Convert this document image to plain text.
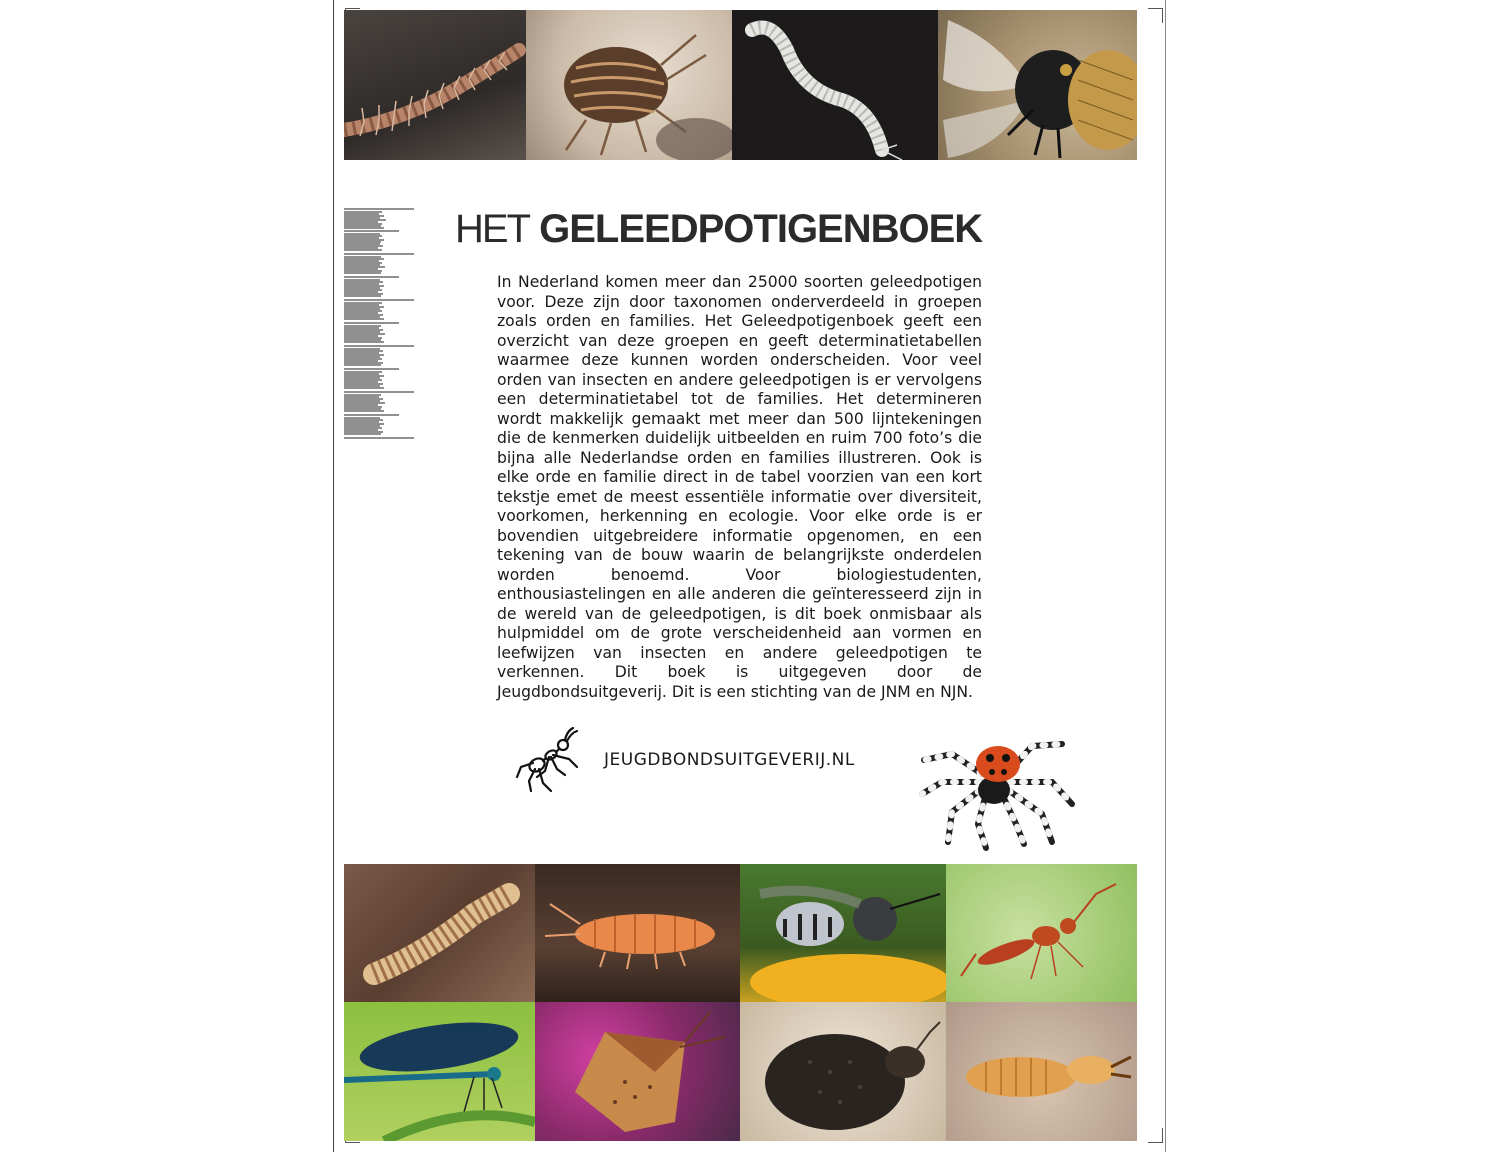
HET GELEEDPOTIGENBOEK
In Nederland komen meer dan 25000 soorten geleedpotigen voor. Deze zijn door taxonomen onderverdeeld in groepen zoals orden en families. Het Geleedpotigenboek geeft een overzicht van deze groepen en geeft determinatietabellen waarmee deze kunnen worden onderscheiden. Voor veel orden van insecten en andere geleedpotigen is er vervolgens een determinatietabel tot de families. Het determineren wordt makkelijk gemaakt met meer dan 500 lijntekeningen die de kenmerken duidelijk uitbeelden en ruim 700 foto’s die bijna alle Nederlandse orden en families illustreren. Ook is elke orde en familie direct in de tabel voorzien van een kort tekstje emet de meest essentiële informatie over diversiteit, voorkomen, herkenning en ecologie. Voor elke orde is er bovendien uitgebreidere informatie opgenomen, en een tekening van de bouw waarin de belangrijkste onderdelen worden benoemd. Voor biologiestudenten, enthousiastelingen en alle anderen die geïnteresseerd zijn in de wereld van de geleedpotigen, is dit boek onmisbaar als hulpmiddel om de grote verscheidenheid aan vormen en leefwijzen van insecten en andere geleedpotigen te verkennen. Dit boek is uitgegeven door de Jeugdbondsuitgeverij. Dit is een stichting van de JNM en NJN.
JEUGDBONDSUITGEVERIJ.NL
